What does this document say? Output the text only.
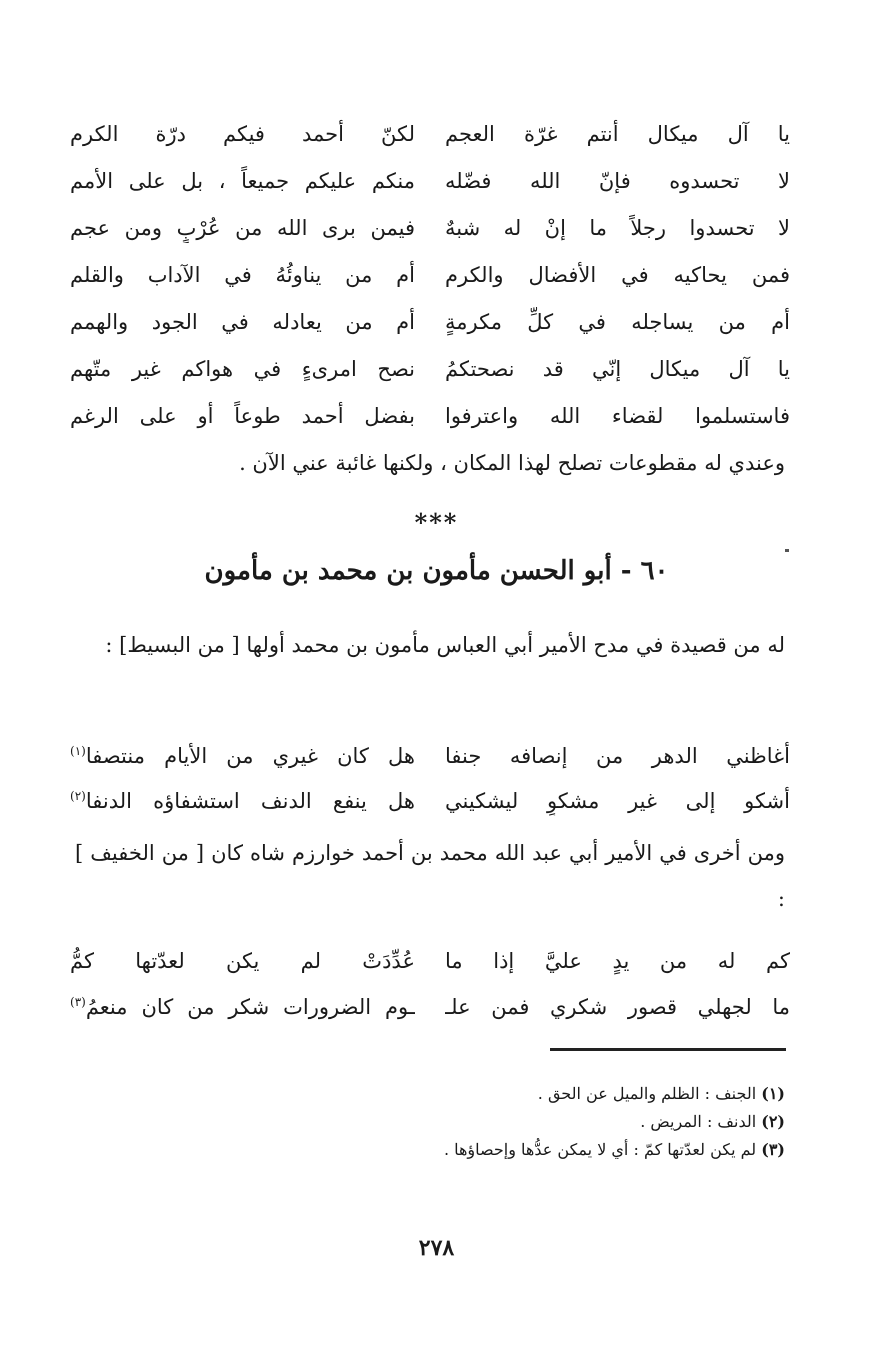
يا آل ميكال أنتم غرّة العجم
لكنّ أحمد فيكم درّة الكرم
لا تحسدوه فإنّ الله فضّله
منكم عليكم جميعاً ، بل على الأمم
لا تحسدوا رجلاً ما إنْ له شبهٌ
فيمن برى الله من عُرْبٍ ومن عجم
فمن يحاكيه في الأفضال والكرم
أم من يناوئُهُ في الآداب والقلم
أم من يساجله في كلِّ مكرمةٍ
أم من يعادله في الجود والهمم
يا آل ميكال إنّي قد نصحتكمُ
نصح امرىءٍ في هواكم غير متّهم
فاستسلموا لقضاء الله واعترفوا
بفضل أحمد طوعاً أو على الرغم
وعندي له مقطوعات تصلح لهذا المكان ، ولكنها غائبة عني الآن .
***
٦٠ - أبو الحسن مأمون بن محمد بن مأمون
له من قصيدة في مدح الأمير أبي العباس مأمون بن محمد أولها [ من البسيط] :
أغاظني الدهر من إنصافه جنفا
هل كان غيري من الأيام منتصفا$^{(١)}$
أشكو إلى غير مشكوٍ ليشكيني
هل ينفع الدنف استشفاؤه الدنفا$^{(٢)}$
ومن أخرى في الأمير أبي عبد الله محمد بن أحمد خوارزم شاه كان [ من الخفيف ] :
كم له من يدٍ عليَّ إذا ما
عُدِّدَتْ لم يكن لعدّتها كمُّ
ما لجهلي قصور شكري فمن علـ
ـوم الضرورات شكر من كان منعمُ$^{(٣)}$
(١) الجنف : الظلم والميل عن الحق .
(٢) الدنف : المريض .
(٣) لم يكن لعدّتها كمّ : أي لا يمكن عدُّها وإحصاؤها .
٢٧٨
